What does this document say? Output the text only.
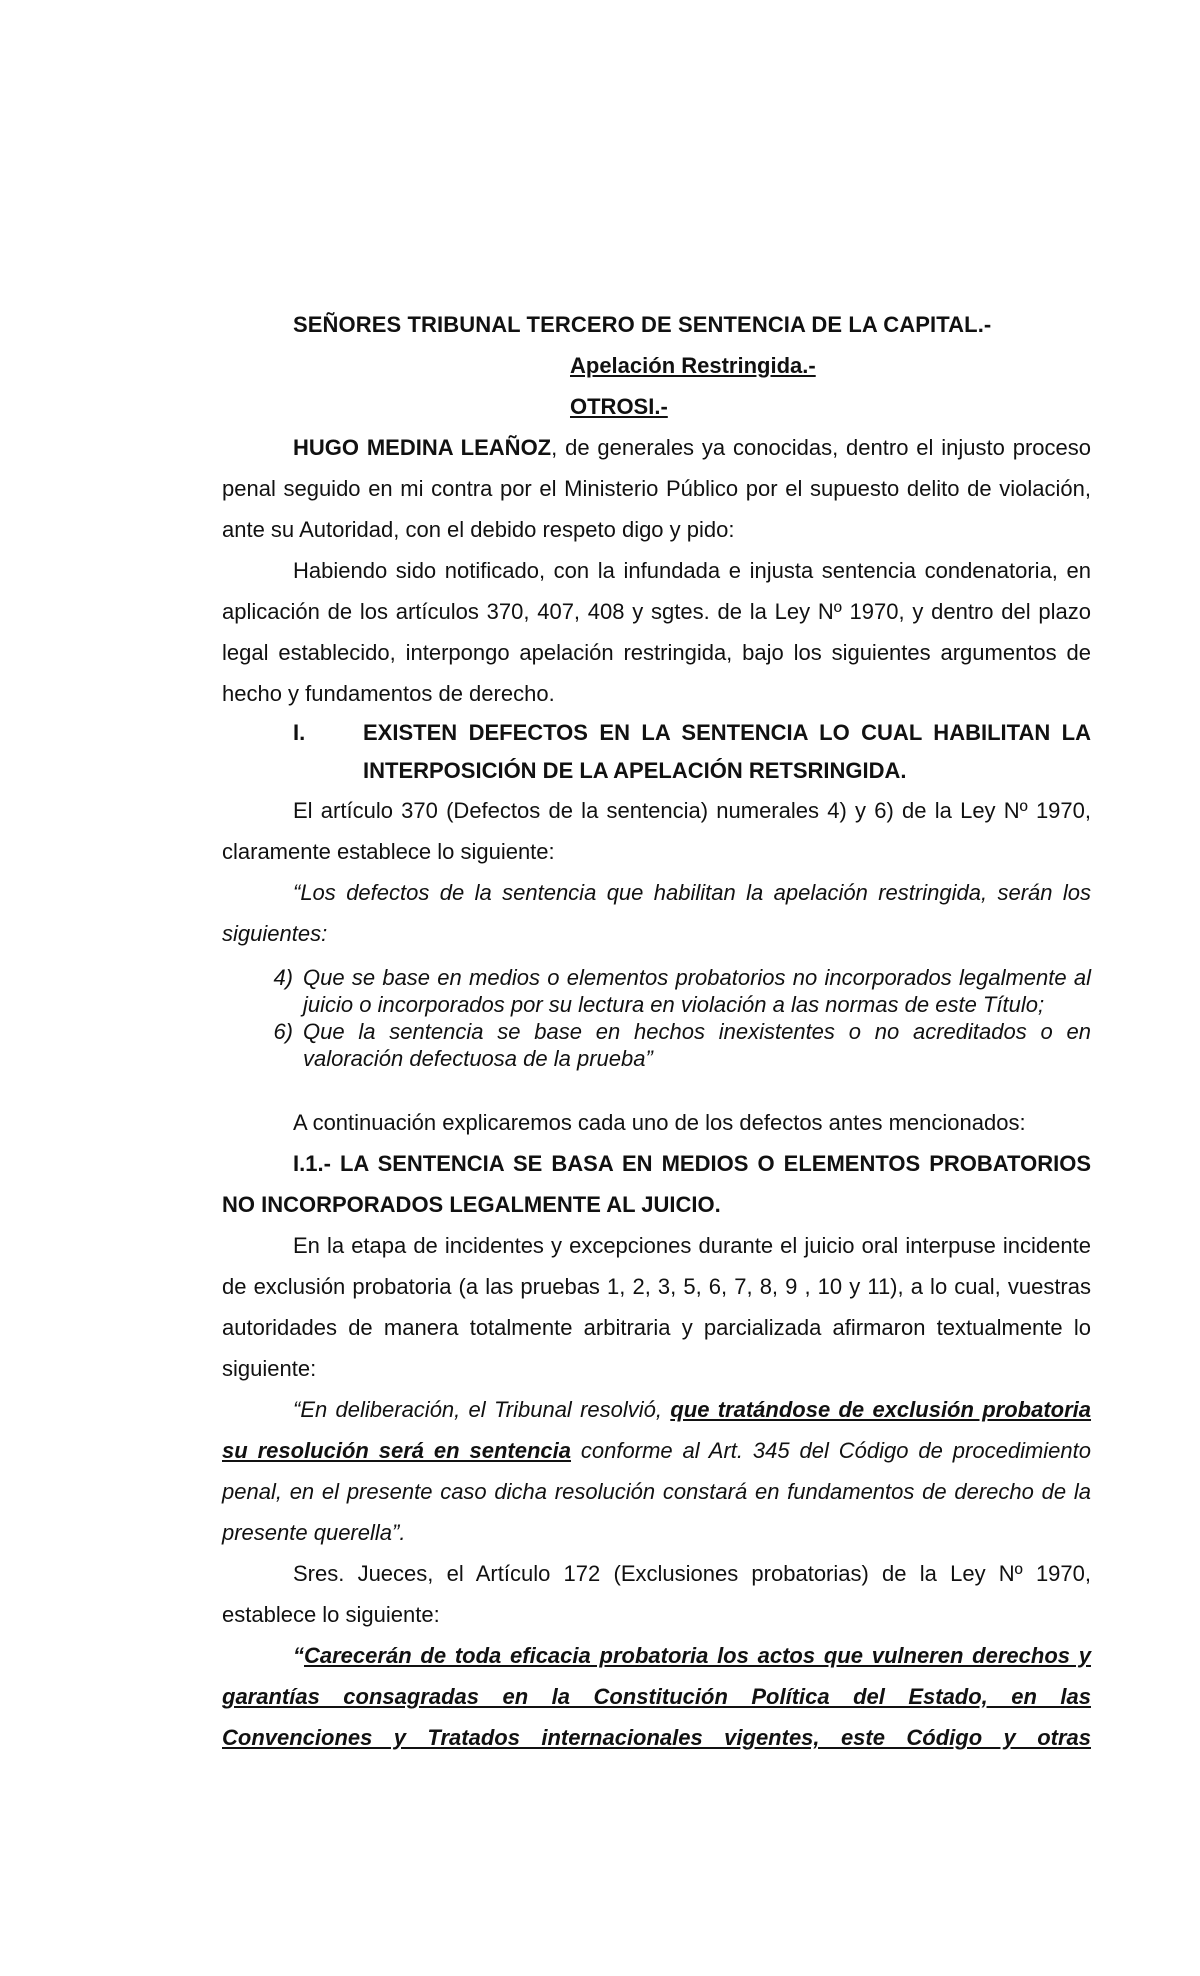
SEÑORES TRIBUNAL TERCERO DE SENTENCIA DE LA CAPITAL.-
Apelación Restringida.-
OTROSI.-

HUGO MEDINA LEAÑOZ, de generales ya conocidas, dentro el injusto proceso penal seguido en mi contra por el Ministerio Público por el supuesto delito de violación, ante su Autoridad, con el debido respeto digo y pido:

Habiendo sido notificado, con la infundada e injusta sentencia condenatoria, en aplicación de los artículos 370, 407, 408 y sgtes. de la Ley Nº 1970, y dentro del plazo legal establecido, interpongo apelación restringida, bajo los siguientes argumentos de hecho y fundamentos de derecho.

I.	EXISTEN DEFECTOS EN LA SENTENCIA LO CUAL HABILITAN LA INTERPOSICIÓN DE LA APELACIÓN RETSRINGIDA.

El artículo 370 (Defectos de la sentencia) numerales 4) y 6) de la Ley Nº 1970, claramente establece lo siguiente:

“Los defectos de la sentencia que habilitan la apelación restringida, serán los siguientes:

4) Que se base en medios o elementos probatorios no incorporados legalmente al juicio o incorporados por su lectura en violación a las normas de este Título;
6) Que la sentencia se base en hechos inexistentes o no acreditados o en valoración defectuosa de la prueba”

A continuación explicaremos cada uno de los defectos antes mencionados:

I.1.- LA SENTENCIA SE BASA EN MEDIOS O ELEMENTOS PROBATORIOS NO INCORPORADOS LEGALMENTE AL JUICIO.

En la etapa de incidentes y excepciones durante el juicio oral interpuse incidente de exclusión probatoria (a las pruebas 1, 2, 3, 5, 6, 7, 8, 9 , 10 y 11), a lo cual, vuestras autoridades de manera totalmente arbitraria y parcializada afirmaron textualmente lo siguiente:

“En deliberación, el Tribunal resolvió, que tratándose de exclusión probatoria su resolución será en sentencia conforme al Art. 345 del Código de procedimiento penal, en el presente caso dicha resolución constará en fundamentos de derecho de la presente querella”.

Sres. Jueces, el Artículo 172 (Exclusiones probatorias) de la Ley Nº 1970, establece lo siguiente:

“Carecerán de toda eficacia probatoria los actos que vulneren derechos y garantías consagradas en la Constitución Política del Estado, en las Convenciones y Tratados internacionales vigentes, este Código y otras
